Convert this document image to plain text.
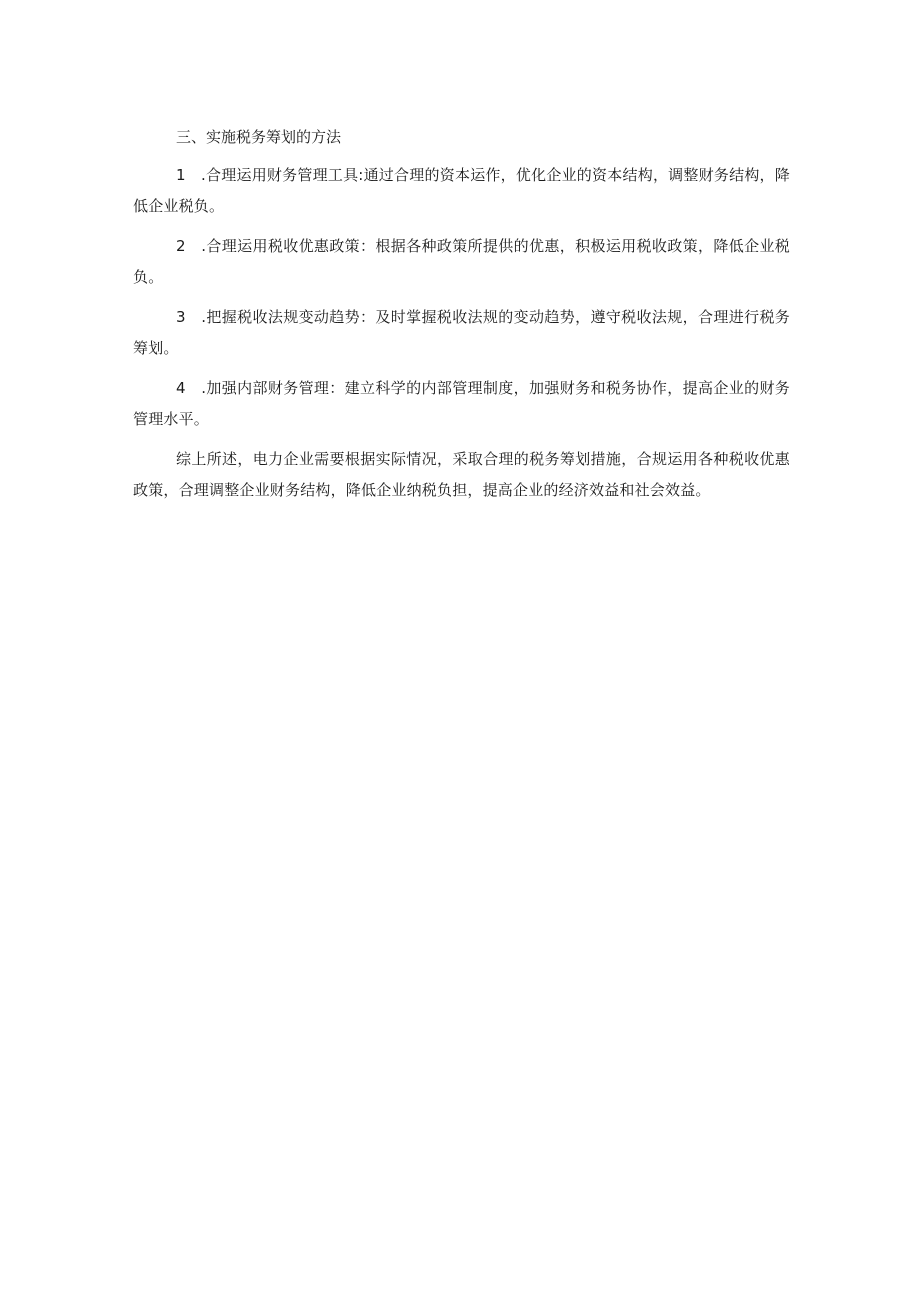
三、实施税务筹划的方法

1　.合理运用财务管理工具:通过合理的资本运作，优化企业的资本结构，调整财务结构，降低企业税负。

2　.合理运用税收优惠政策：根据各种政策所提供的优惠，积极运用税收政策，降低企业税负。

3　.把握税收法规变动趋势：及时掌握税收法规的变动趋势，遵守税收法规，合理进行税务筹划。

4　.加强内部财务管理：建立科学的内部管理制度，加强财务和税务协作，提高企业的财务管理水平。

综上所述，电力企业需要根据实际情况，采取合理的税务筹划措施，合规运用各种税收优惠政策，合理调整企业财务结构，降低企业纳税负担，提高企业的经济效益和社会效益。
